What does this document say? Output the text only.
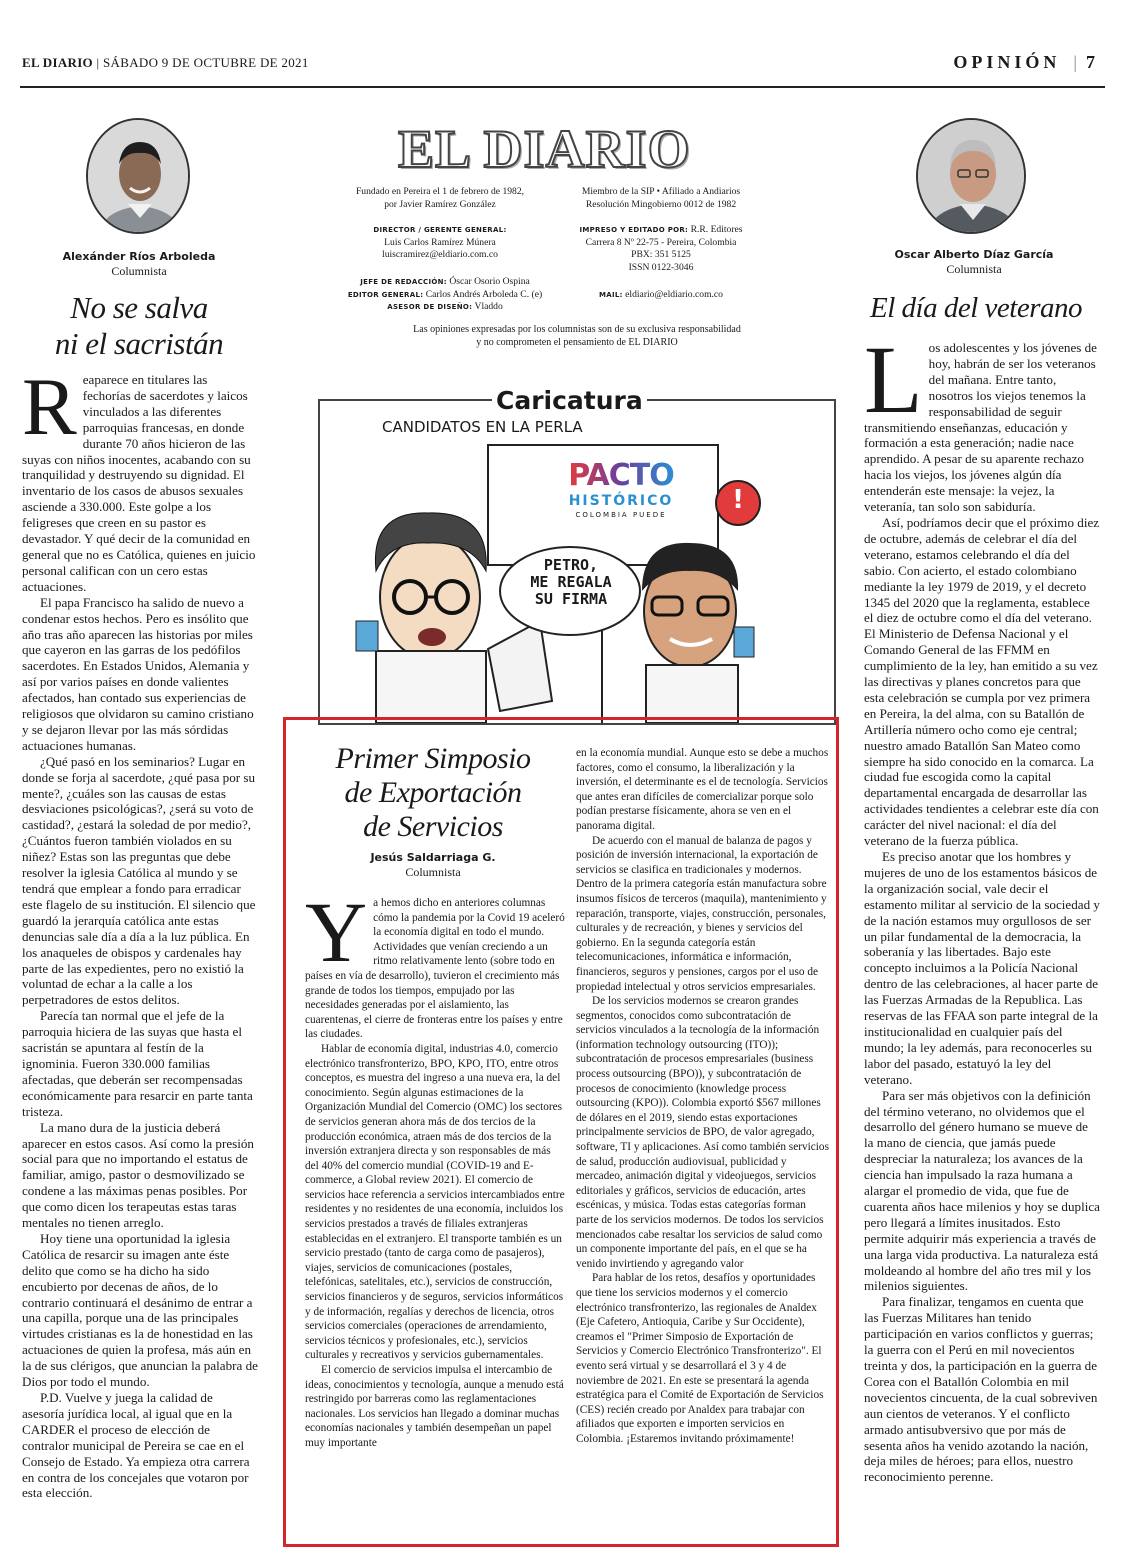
EL DIARIO | SÁBADO 9 DE OCTUBRE DE 2021	OPINIÓN  |  7
Alexánder Ríos Arboleda
Columnista
No se salva
ni el sacristán

Reaparece en titulares las fechorías de sacerdotes y laicos vinculados a las diferentes parroquias francesas, en donde durante 70 años hicieron de las suyas con niños inocentes, acabando con su tranquilidad y destruyendo su dignidad. El inventario de los casos de abusos sexuales asciende a 330.000. Este golpe a los feligreses que creen en su pastor es devastador. Y qué decir de la comunidad en general que no es Católica, quienes en juicio personal califican con un cero estas actuaciones.

El papa Francisco ha salido de nuevo a condenar estos hechos. Pero es insólito que año tras año aparecen las historias por miles que cayeron en las garras de los pedófilos sacerdotes. En Estados Unidos, Alemania y así por varios países en donde valientes afectados, han contado sus experiencias de religiosos que olvidaron su camino cristiano y se dejaron llevar por las más sórdidas actuaciones humanas.

¿Qué pasó en los seminarios? Lugar en donde se forja al sacerdote, ¿qué pasa por su mente?, ¿cuáles son las causas de estas desviaciones psicológicas?, ¿será su voto de castidad?, ¿estará la soledad de por medio?, ¿Cuántos fueron también violados en su niñez? Estas son las preguntas que debe resolver la iglesia Católica al mundo y se tendrá que emplear a fondo para erradicar este flagelo de su institución. El silencio que guardó la jerarquía católica ante estas denuncias sale día a día a la luz pública. En los anaqueles de obispos y cardenales hay parte de las expedientes, pero no existió la voluntad de echar a la calle a los perpetradores de estos delitos.

Parecía tan normal que el jefe de la parroquia hiciera de las suyas que hasta el sacristán se apuntara al festín de la ignominia. Fueron 330.000 familias afectadas, que deberán ser recompensadas económicamente para resarcir en parte tanta tristeza.

La mano dura de la justicia deberá aparecer en estos casos. Así como la presión social para que no importando el estatus de familiar, amigo, pastor o desmovilizado se condene a las máximas penas posibles. Por que como dicen los terapeutas estas taras mentales no tienen arreglo.

Hoy tiene una oportunidad la iglesia Católica de resarcir su imagen ante éste delito que como se ha dicho ha sido encubierto por decenas de años, de lo contrario continuará el desánimo de entrar a una capilla, porque una de las principales virtudes cristianas es la de honestidad en las actuaciones de quien la profesa, más aún en la de sus clérigos, que anuncian la palabra de Dios por todo el mundo.

P.D. Vuelve y juega la calidad de asesoría jurídica local, al igual que en la CARDER el proceso de elección de contralor municipal de Pereira se cae en el Consejo de Estado. Ya empieza otra carrera en contra de los concejales que votaron por esta elección.

EL DIARIO
Fundado en Pereira el 1 de febrero de 1982,
por Javier Ramírez González
Miembro de la SIP • Afiliado a Andiarios
Resolución Mingobierno 0012 de 1982
DIRECTOR / GERENTE GENERAL:
Luis Carlos Ramírez Múnera
luiscramirez@eldiario.com.co
IMPRESO Y EDITADO POR: R.R. Editores
Carrera 8 Nº 22-75 - Pereira, Colombia
PBX: 351 5125
ISSN 0122-3046
JEFE DE REDACCIÓN: Óscar Osorio Ospina
EDITOR GENERAL: Carlos Andrés Arboleda C. (e)
ASESOR DE DISEÑO: Vladdo
MAIL: eldiario@eldiario.com.co
Las opiniones expresadas por los columnistas son de su exclusiva responsabilidad
y no comprometen el pensamiento de EL DIARIO
PACTO
HISTÓRICO
COLOMBIA PUEDE	!
PETRO,
ME REGALA
SU FIRMA
Caricatura
CANDIDATOS EN LA PERLA
Primer Simposio
de Exportación
de Servicios
Jesús Saldarriaga G.
Columnista

Ya hemos dicho en anteriores columnas cómo la pandemia por la Covid 19 aceleró la economía digital en todo el mundo. Actividades que venían creciendo a un ritmo relativamente lento (sobre todo en países en vía de desarrollo), tuvieron el crecimiento más grande de todos los tiempos, empujado por las necesidades generadas por el aislamiento, las cuarentenas, el cierre de fronteras entre los países y entre las ciudades.

Hablar de economía digital, industrias 4.0, comercio electrónico transfronterizo, BPO, KPO, ITO, entre otros conceptos, es muestra del ingreso a una nueva era, la del conocimiento. Según algunas estimaciones de la Organización Mundial del Comercio (OMC) los sectores de servicios generan ahora más de dos tercios de la producción económica, atraen más de dos tercios de la inversión extranjera directa y son responsables de más del 40% del comercio mundial (COVID-19 and E-commerce, a Global review 2021). El comercio de servicios hace referencia a servicios intercambiados entre residentes y no residentes de una economía, incluidos los servicios prestados a través de filiales extranjeras establecidas en el extranjero. El transporte también es un servicio prestado (tanto de carga como de pasajeros), viajes, servicios de comunicaciones (postales, telefónicas, satelitales, etc.), servicios de construcción, servicios financieros y de seguros, servicios informáticos y de información, regalías y derechos de licencia, otros servicios comerciales (operaciones de arrendamiento, servicios técnicos y profesionales, etc.), servicios culturales y recreativos y servicios gubernamentales.

El comercio de servicios impulsa el intercambio de ideas, conocimientos y tecnología, aunque a menudo está restringido por barreras como las reglamentaciones nacionales. Los servicios han llegado a dominar muchas economías nacionales y también desempeñan un papel muy importante

en la economía mundial. Aunque esto se debe a muchos factores, como el consumo, la liberalización y la inversión, el determinante es el de tecnología. Servicios que antes eran difíciles de comercializar porque solo podían prestarse físicamente, ahora se ven en el panorama digital.

De acuerdo con el manual de balanza de pagos y posición de inversión internacional, la exportación de servicios se clasifica en tradicionales y modernos. Dentro de la primera categoría están manufactura sobre insumos físicos de terceros (maquila), mantenimiento y reparación, transporte, viajes, construcción, personales, culturales y de recreación, y bienes y servicios del gobierno. En la segunda categoría están telecomunicaciones, informática e información, financieros, seguros y pensiones, cargos por el uso de propiedad intelectual y otros servicios empresariales.

De los servicios modernos se crearon grandes segmentos, conocidos como subcontratación de servicios vinculados a la tecnología de la información (information technology outsourcing (ITO)); subcontratación de procesos empresariales (business process outsourcing (BPO)), y subcontratación de procesos de conocimiento (knowledge process outsourcing (KPO)). Colombia exportó $567 millones de dólares en el 2019, siendo estas exportaciones principalmente servicios de BPO, de valor agregado, software, TI y aplicaciones. Así como también servicios de salud, producción audiovisual, publicidad y mercadeo, animación digital y videojuegos, servicios editoriales y gráficos, servicios de educación, artes escénicas, y música. Todas estas categorías forman parte de los servicios modernos. De todos los servicios mencionados cabe resaltar los servicios de salud como un componente importante del país, en el que se ha venido invirtiendo y agregando valor

Para hablar de los retos, desafíos y oportunidades que tiene los servicios modernos y el comercio electrónico transfronterizo, las regionales de Analdex (Eje Cafetero, Antioquia, Caribe y Sur Occidente), creamos el "Primer Simposio de Exportación de Servicios y Comercio Electrónico Transfronterizo". El evento será virtual y se desarrollará el 3 y 4 de noviembre de 2021. En este se presentará la agenda estratégica para el Comité de Exportación de Servicios (CES) recién creado por Analdex para trabajar con afiliados que exporten e importen servicios en Colombia. ¡Estaremos invitando próximamente!

Oscar Alberto Díaz García
Columnista
El día del veterano

Los adolescentes y los jóvenes de hoy, habrán de ser los veteranos del mañana. Entre tanto, nosotros los viejos tenemos la responsabilidad de seguir transmitiendo enseñanzas, educación y formación a esta generación; nadie nace aprendido. A pesar de su aparente rechazo hacia los viejos, los jóvenes algún día entenderán este mensaje: la vejez, la veteranía, tan solo son sabiduría.

Así, podríamos decir que el próximo diez de octubre, además de celebrar el día del veterano, estamos celebrando el día del sabio. Con acierto, el estado colombiano mediante la ley 1979 de 2019, y el decreto 1345 del 2020 que la reglamenta, establece el diez de octubre como el día del veterano. El Ministerio de Defensa Nacional y el Comando General de las FFMM en cumplimiento de la ley, han emitido a su vez las directivas y planes concretos para que esta celebración se cumpla por vez primera en Pereira, la del alma, con su Batallón de Artillería número ocho como eje central; nuestro amado Batallón San Mateo como siempre ha sido conocido en la comarca. La ciudad fue escogida como la capital departamental encargada de desarrollar las actividades tendientes a celebrar este día con carácter del nivel nacional: el día del veterano de la fuerza pública.

Es preciso anotar que los hombres y mujeres de uno de los estamentos básicos de la organización social, vale decir el estamento militar al servicio de la sociedad y de la nación estamos muy orgullosos de ser un pilar fundamental de la democracia, la soberanía y las libertades. Bajo este concepto incluimos a la Policía Nacional dentro de las celebraciones, al hacer parte de las Fuerzas Armadas de la Republica. Las reservas de las FFAA son parte integral de la institucionalidad en cualquier país del mundo; la ley además, para reconocerles su labor del pasado, estatuyó la ley del veterano.

Para ser más objetivos con la definición del término veterano, no olvidemos que el desarrollo del género humano se mueve de la mano de ciencia, que jamás puede despreciar la naturaleza; los avances de la ciencia han impulsado la raza humana a alargar el promedio de vida, que fue de cuarenta años hace milenios y hoy se duplica pero llegará a límites inusitados. Esto permite adquirir más experiencia a través de una larga vida productiva. La naturaleza está moldeando al hombre del año tres mil y los milenios siguientes.

Para finalizar, tengamos en cuenta que las Fuerzas Militares han tenido participación en varios conflictos y guerras; la guerra con el Perú en mil novecientos treinta y dos, la participación en la guerra de Corea con el Batallón Colombia en mil novecientos cincuenta, de la cual sobreviven aun cientos de veteranos. Y el conflicto armado antisubversivo que por más de sesenta años ha venido azotando la nación, deja miles de héroes; para ellos, nuestro reconocimiento perenne.
